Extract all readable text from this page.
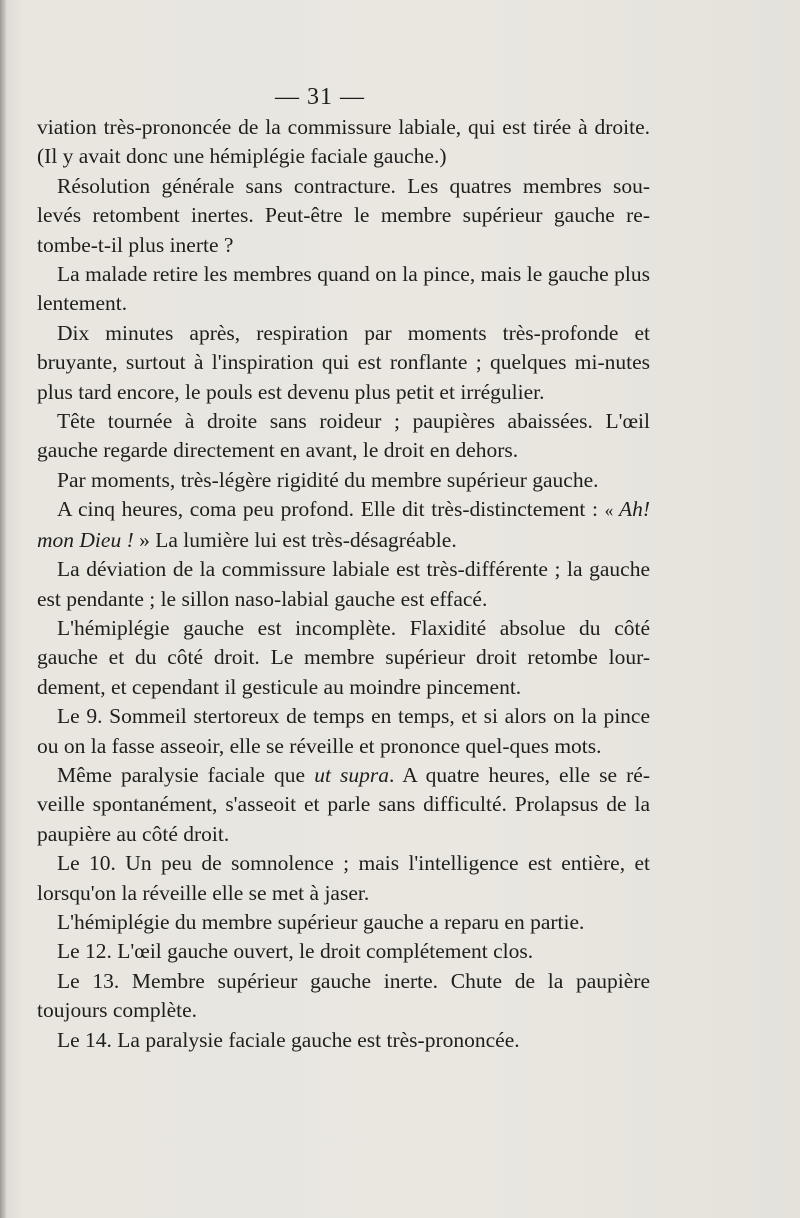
— 31 —

viation très-prononcée de la commissure labiale, qui est tirée à droite. (Il y avait donc une hémiplégie faciale gauche.)

Résolution générale sans contracture. Les quatres membres sou-levés retombent inertes. Peut-être le membre supérieur gauche re-tombe-t-il plus inerte ?

La malade retire les membres quand on la pince, mais le gauche plus lentement.

Dix minutes après, respiration par moments très-profonde et bruyante, surtout à l'inspiration qui est ronflante ; quelques mi-nutes plus tard encore, le pouls est devenu plus petit et irrégulier.

Tête tournée à droite sans roideur ; paupières abaissées. L'œil gauche regarde directement en avant, le droit en dehors.

Par moments, très-légère rigidité du membre supérieur gauche.

A cinq heures, coma peu profond. Elle dit très-distinctement : « Ah! mon Dieu ! » La lumière lui est très-désagréable.

La déviation de la commissure labiale est très-différente ; la gauche est pendante ; le sillon naso-labial gauche est effacé.

L'hémiplégie gauche est incomplète. Flaxidité absolue du côté gauche et du côté droit. Le membre supérieur droit retombe lour-dement, et cependant il gesticule au moindre pincement.

Le 9. Sommeil stertoreux de temps en temps, et si alors on la pince ou on la fasse asseoir, elle se réveille et prononce quel-ques mots.

Même paralysie faciale que ut supra. A quatre heures, elle se ré-veille spontanément, s'asseoit et parle sans difficulté. Prolapsus de la paupière au côté droit.

Le 10. Un peu de somnolence ; mais l'intelligence est entière, et lorsqu'on la réveille elle se met à jaser.

L'hémiplégie du membre supérieur gauche a reparu en partie.

Le 12. L'œil gauche ouvert, le droit complétement clos.

Le 13. Membre supérieur gauche inerte. Chute de la paupière toujours complète.

Le 14. La paralysie faciale gauche est très-prononcée.
